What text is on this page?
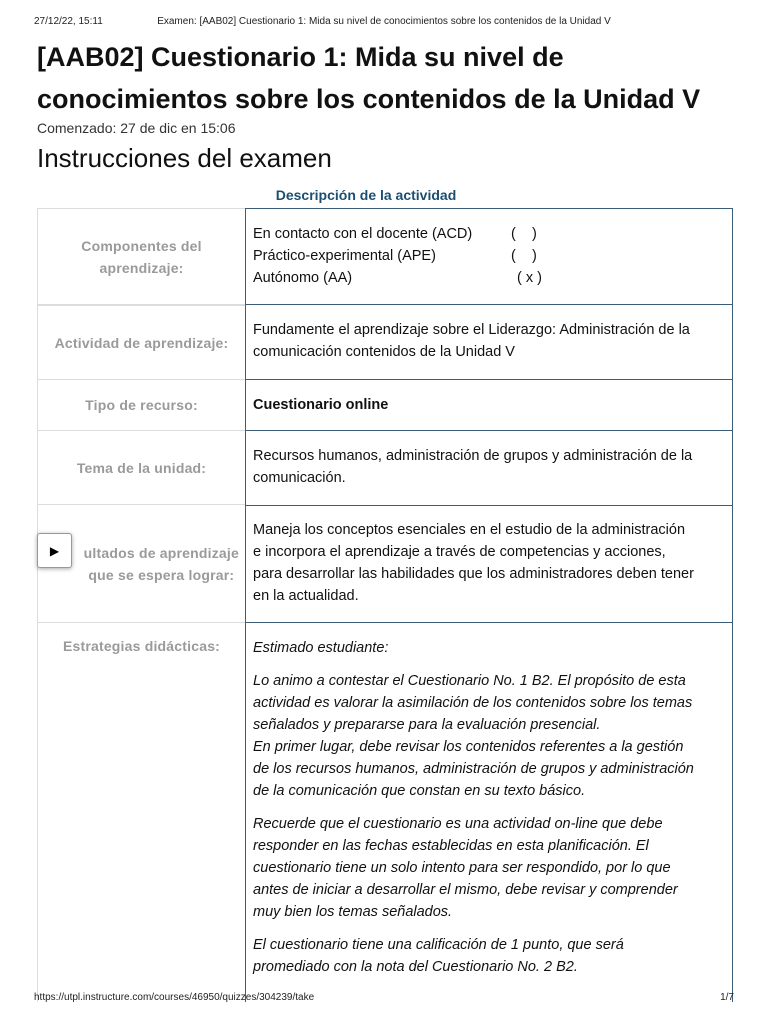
27/12/22, 15:11	Examen: [AAB02] Cuestionario 1: Mida su nivel de conocimientos sobre los contenidos de la Unidad V
[AAB02] Cuestionario 1: Mida su nivel de
conocimientos sobre los contenidos de la Unidad V
Comenzado: 27 de dic en 15:06
Instrucciones del examen
Descripción de la actividad
Componentes del
aprendizaje:
En contacto con el docente (ACD)	(    )
Práctico-experimental (APE)	(    )
Autónomo (AA)	( x )
Actividad de aprendizaje:
Fundamente el aprendizaje sobre el Liderazgo: Administración de la
comunicación contenidos de la Unidad V
Tipo de recurso:	Cuestionario online
Tema de la unidad:
Recursos humanos, administración de grupos y administración de la
comunicación.
ultados de aprendizaje
que se espera lograr:
Maneja los conceptos esenciales en el estudio de la administración
e incorpora el aprendizaje a través de competencias y acciones,
para desarrollar las habilidades que los administradores deben tener
en la actualidad.
Estrategias didácticas:	Estimado estudiante:

Lo animo a contestar el Cuestionario No. 1 B2. El propósito de esta
actividad es valorar la asimilación de los contenidos sobre los temas
señalados y prepararse para la evaluación presencial.
En primer lugar, debe revisar los contenidos referentes a la gestión
de los recursos humanos, administración de grupos y administración
de la comunicación que constan en su texto básico.

Recuerde que el cuestionario es una actividad on-line que debe
responder en las fechas establecidas en esta planificación. El
cuestionario tiene un solo intento para ser respondido, por lo que
antes de iniciar a desarrollar el mismo, debe revisar y comprender
muy bien los temas señalados.

El cuestionario tiene una calificación de 1 punto, que será
promediado con la nota del Cuestionario No. 2 B2.

▶
https://utpl.instructure.com/courses/46950/quizzes/304239/take	1/7
